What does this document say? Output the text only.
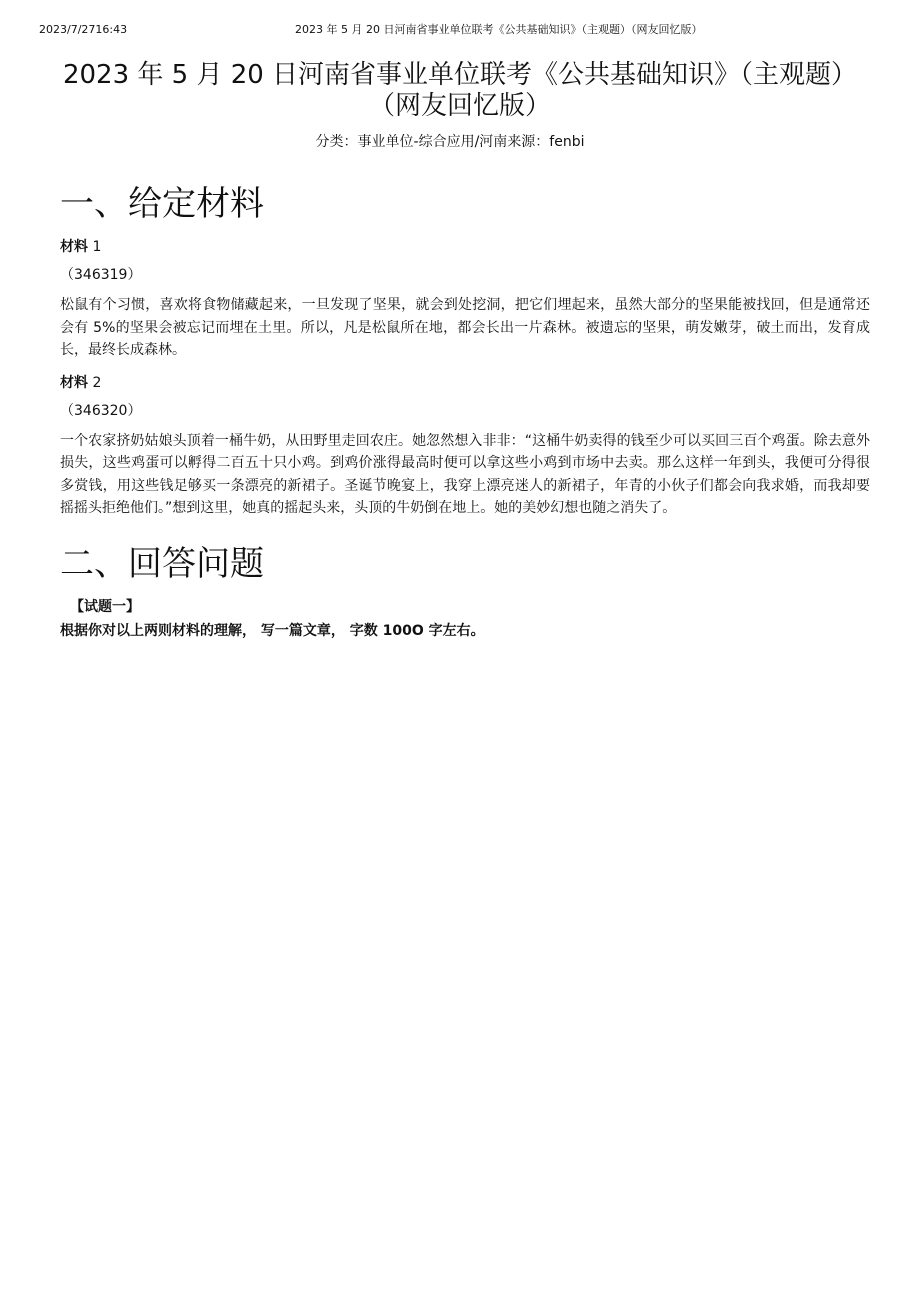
2023/7/2716:43	2023 年 5 月 20 日河南省事业单位联考《公共基础知识》（主观题）（网友回忆版）
2023 年 5 月 20 日河南省事业单位联考《公共基础知识》（主观题）（网友回忆版）
分类：事业单位-综合应用/河南来源：fenbi
一、给定材料

材料 1

（346319）

松鼠有个习惯，喜欢将食物储藏起来，一旦发现了坚果，就会到处挖洞，把它们埋起来，虽然大部分的坚果能被找回，但是通常还会有 5%的坚果会被忘记而埋在土里。所以，凡是松鼠所在地，都会长出一片森林。被遗忘的坚果，萌发嫩芽，破土而出，发育成长，最终长成森林。

材料 2

（346320）

一个农家挤奶姑娘头顶着一桶牛奶，从田野里走回农庄。她忽然想入非非：“这桶牛奶卖得的钱至少可以买回三百个鸡蛋。除去意外损失，这些鸡蛋可以孵得二百五十只小鸡。到鸡价涨得最高时便可以拿这些小鸡到市场中去卖。那么这样一年到头，我便可分得很多赏钱，用这些钱足够买一条漂亮的新裙子。圣诞节晚宴上，我穿上漂亮迷人的新裙子，年青的小伙子们都会向我求婚，而我却要摇摇头拒绝他们。”想到这里，她真的摇起头来，头顶的牛奶倒在地上。她的美妙幻想也随之消失了。

二、回答问题

【试题一】

根据你对以上两则材料的理解， 写一篇文章， 字数 100O 字左右。
